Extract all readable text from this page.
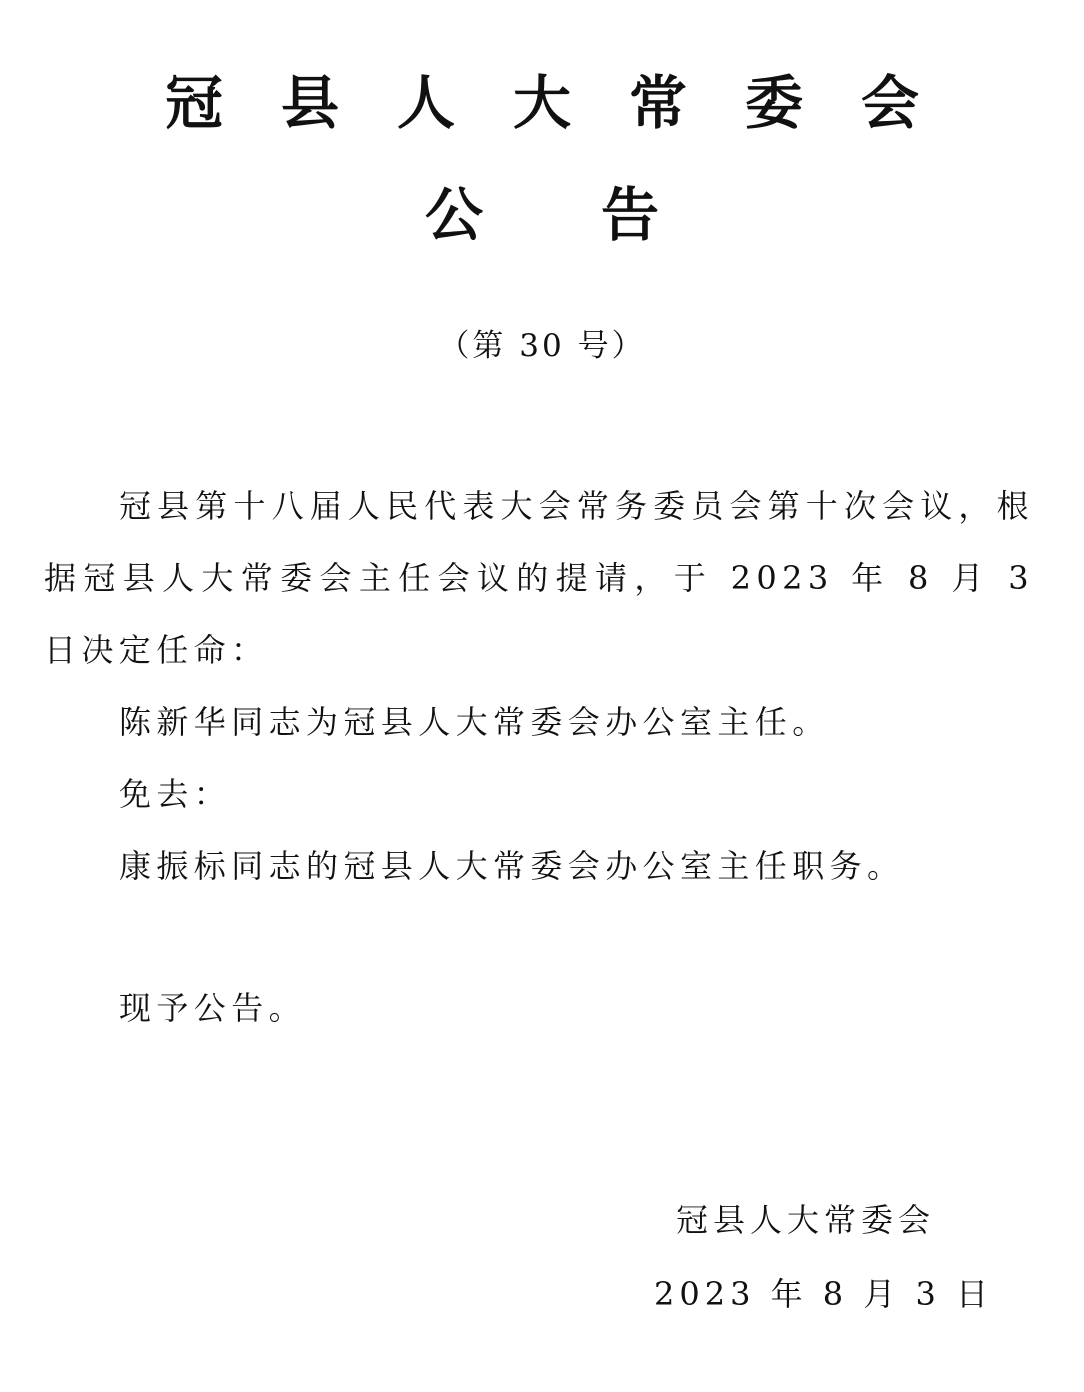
冠县人大常委会
公告
（第 30 号）

冠县第十八届人民代表大会常务委员会第十次会议，根据冠县人大常委会主任会议的提请，于 2023 年 8 月 3 日决定任命：

陈新华同志为冠县人大常委会办公室主任。

免去：

康振标同志的冠县人大常委会办公室主任职务。

现予公告。

冠县人大常委会
2023 年 8 月 3 日
